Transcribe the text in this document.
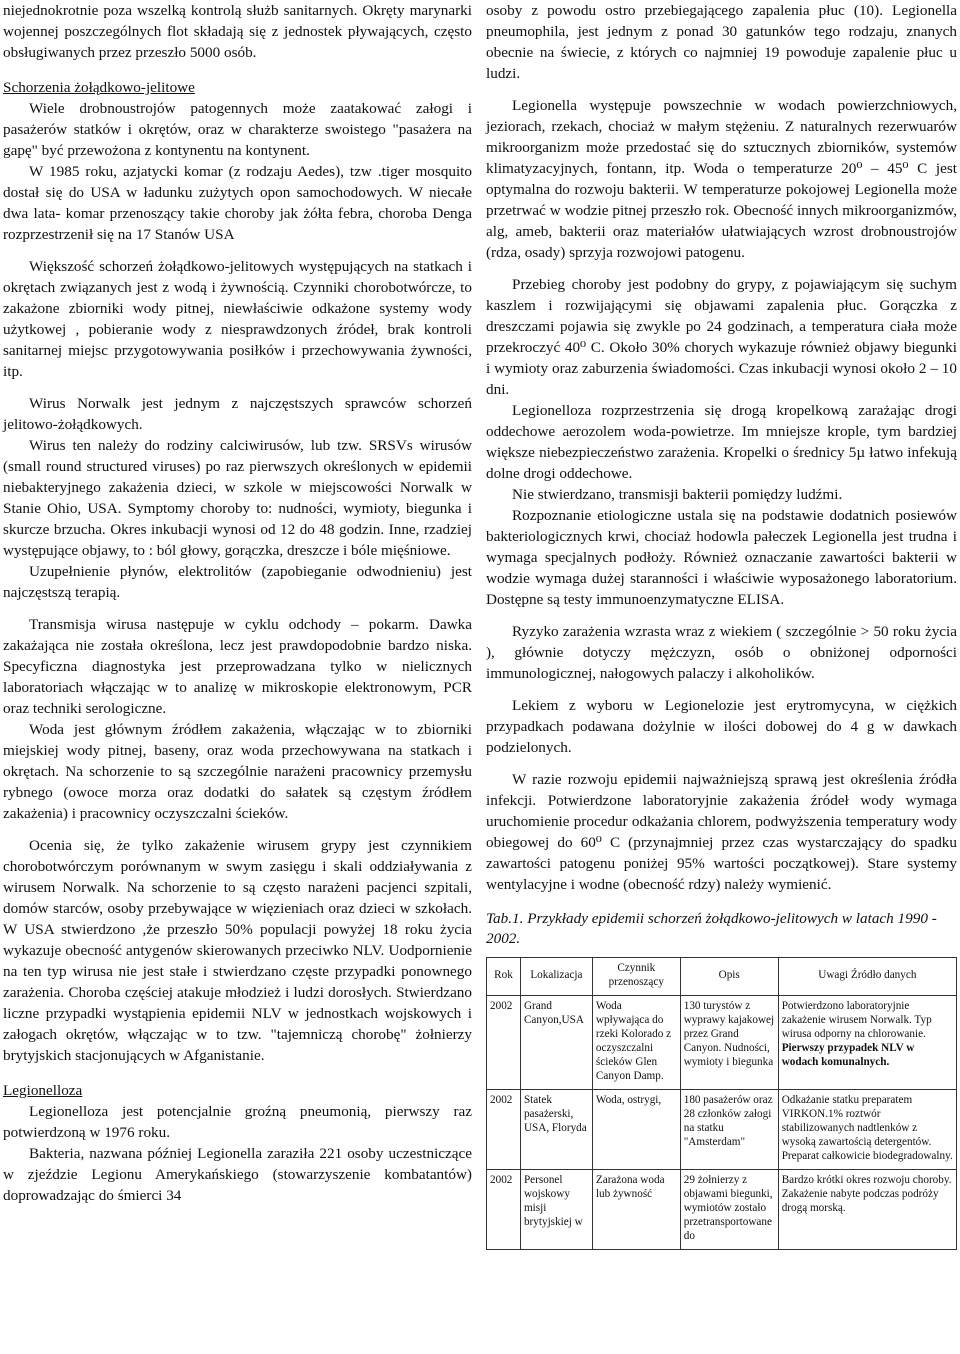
niejednokrotnie poza wszelką kontrolą służb sanitarnych. Okręty marynarki wojennej poszczególnych flot składają się z jednostek pływających, często obsługiwanych przez przeszło 5000 osób.

Schorzenia żołądkowo-jelitowe

Wiele drobnoustrojów patogennych może zaatakować załogi i pasażerów statków i okrętów, oraz w charakterze swoistego "pasażera na gapę" być przewożona z kontynentu na kontynent.

W 1985 roku, azjatycki komar (z rodzaju Aedes), tzw .tiger mosquito dostał się do USA w ładunku zużytych opon samochodowych. W niecałe dwa lata- komar przenoszący takie choroby jak żółta febra, choroba Denga rozprzestrzenił się na 17 Stanów USA

Większość schorzeń żołądkowo-jelitowych występujących na statkach i okrętach związanych jest z wodą i żywnością. Czynniki chorobotwórcze, to zakażone zbiorniki wody pitnej, niewłaściwie odkażone systemy wody użytkowej , pobieranie wody z niesprawdzonych źródeł, brak kontroli sanitarnej miejsc przygotowywania posiłków i przechowywania żywności, itp.

Wirus Norwalk jest jednym z najczęstszych sprawców schorzeń jelitowo-żołądkowych.

Wirus ten należy do rodziny calciwirusów, lub tzw. SRSVs wirusów (small round structured viruses) po raz pierwszych określonych w epidemii niebakteryjnego zakażenia dzieci, w szkole w miejscowości Norwalk w Stanie Ohio, USA. Symptomy choroby to: nudności, wymioty, biegunka i skurcze brzucha. Okres inkubacji wynosi od 12 do 48 godzin. Inne, rzadziej występujące objawy, to : ból głowy, gorączka, dreszcze i bóle mięśniowe.

Uzupełnienie płynów, elektrolitów (zapobieganie odwodnieniu) jest najczęstszą terapią.

Transmisja wirusa następuje w cyklu odchody – pokarm. Dawka zakażająca nie została określona, lecz jest prawdopodobnie bardzo niska. Specyficzna diagnostyka jest przeprowadzana tylko w nielicznych laboratoriach włączając w to analizę w mikroskopie elektronowym, PCR oraz techniki serologiczne.

Woda jest głównym źródłem zakażenia, włączając w to zbiorniki miejskiej wody pitnej, baseny, oraz woda przechowywana na statkach i okrętach. Na schorzenie to są szczególnie narażeni pracownicy przemysłu rybnego (owoce morza oraz dodatki do sałatek są częstym źródłem zakażenia) i pracownicy oczyszczalni ścieków.

Ocenia się, że tylko zakażenie wirusem grypy jest czynnikiem chorobotwórczym porównanym w swym zasięgu i skali oddziaływania z wirusem Norwalk. Na schorzenie to są często narażeni pacjenci szpitali, domów starców, osoby przebywające w więzieniach oraz dzieci w szkołach. W USA stwierdzono ,że przeszło 50% populacji powyżej 18 roku życia wykazuje obecność antygenów skierowanych przeciwko NLV. Uodpornienie na ten typ wirusa nie jest stałe i stwierdzano częste przypadki ponownego zarażenia. Choroba częściej atakuje młodzież i ludzi dorosłych. Stwierdzano liczne przypadki wystąpienia epidemii NLV w jednostkach wojskowych i załogach okrętów, włączając w to tzw. "tajemniczą chorobę" żołnierzy brytyjskich stacjonujących w Afganistanie.

Legionelloza

Legionelloza jest potencjalnie groźną pneumonią, pierwszy raz potwierdzoną w 1976 roku.

Bakteria, nazwana później Legionella zaraziła 221 osoby uczestniczące w zjeździe Legionu Amerykańskiego (stowarzyszenie kombatantów) doprowadzając do śmierci 34

osoby z powodu ostro przebiegającego zapalenia płuc (10). Legionella pneumophila, jest jednym z ponad 30 gatunków tego rodzaju, znanych obecnie na świecie, z których co najmniej 19 powoduje zapalenie płuc u ludzi.

Legionella występuje powszechnie w wodach powierzchniowych, jeziorach, rzekach, chociaż w małym stężeniu. Z naturalnych rezerwuarów mikroorganizm może przedostać się do sztucznych zbiorników, systemów klimatyzacyjnych, fontann, itp. Woda o temperaturze 20⁰ – 45⁰ C jest optymalna do rozwoju bakterii. W temperaturze pokojowej Legionella może przetrwać w wodzie pitnej przeszło rok. Obecność innych mikroorganizmów, alg, ameb, bakterii oraz materiałów ułatwiających wzrost drobnoustrojów (rdza, osady) sprzyja rozwojowi patogenu.

Przebieg choroby jest podobny do grypy, z pojawiającym się suchym kaszlem i rozwijającymi się objawami zapalenia płuc. Gorączka z dreszczami pojawia się zwykle po 24 godzinach, a temperatura ciała może przekroczyć 40⁰ C. Około 30% chorych wykazuje również objawy biegunki i wymioty oraz zaburzenia świadomości. Czas inkubacji wynosi około 2 – 10 dni.

Legionelloza rozprzestrzenia się drogą kropelkową zarażając drogi oddechowe aerozolem woda-powietrze. Im mniejsze krople, tym bardziej większe niebezpieczeństwo zarażenia. Kropelki o średnicy 5µ łatwo infekują dolne drogi oddechowe.

Nie stwierdzano, transmisji bakterii pomiędzy ludźmi.

Rozpoznanie etiologiczne ustala się na podstawie dodatnich posiewów bakteriologicznych krwi, chociaż hodowla pałeczek Legionella jest trudna i wymaga specjalnych podłoży. Również oznaczanie zawartości bakterii w wodzie wymaga dużej staranności i właściwie wyposażonego laboratorium. Dostępne są testy immunoenzymatyczne ELISA.

Ryzyko zarażenia wzrasta wraz z wiekiem ( szczególnie > 50 roku życia ), głównie dotyczy mężczyzn, osób o obniżonej odporności immunologicznej, nałogowych palaczy i alkoholików.

Lekiem z wyboru w Legionelozie jest erytromycyna, w ciężkich przypadkach podawana dożylnie w ilości dobowej do 4 g w dawkach podzielonych.

W razie rozwoju epidemii najważniejszą sprawą jest określenia źródła infekcji. Potwierdzone laboratoryjnie zakażenia źródeł wody wymaga uruchomienie procedur odkażania chlorem, podwyższenia temperatury wody obiegowej do 60⁰ C (przynajmniej przez czas wystarczający do spadku zawartości patogenu poniżej 95% wartości początkowej). Stare systemy wentylacyjne i wodne (obecność rdzy) należy wymienić.

Tab.1. Przykłady epidemii schorzeń żołądkowo-jelitowych w latach 1990 - 2002.

Rok	Lokalizacja	Czynnik przenoszący	Opis	Uwagi Źródło danych
2002	Grand Canyon,USA	Woda wpływająca do rzeki Kolorado z oczyszczalni ścieków Glen Canyon Damp.	130 turystów z wyprawy kajakowej przez Grand Canyon. Nudności, wymioty i biegunka	Potwierdzono laboratoryjnie zakażenie wirusem Norwalk. Typ wirusa odporny na chlorowanie. Pierwszy przypadek NLV w wodach komunalnych.
2002	Statek pasażerski, USA, Floryda	Woda, ostrygi,	180 pasażerów oraz 28 członków załogi na statku "Amsterdam"	Odkażanie statku preparatem VIRKON.1% roztwór stabilizowanych nadtlenków z wysoką zawartością detergentów. Preparat całkowicie biodegradowalny.
2002	Personel wojskowy misji brytyjskiej w	Zarażona woda lub żywność	29 żołnierzy z objawami biegunki, wymiotów zostało przetransportowane do	Bardzo krótki okres rozwoju choroby. Zakażenie nabyte podczas podróży drogą morską.
